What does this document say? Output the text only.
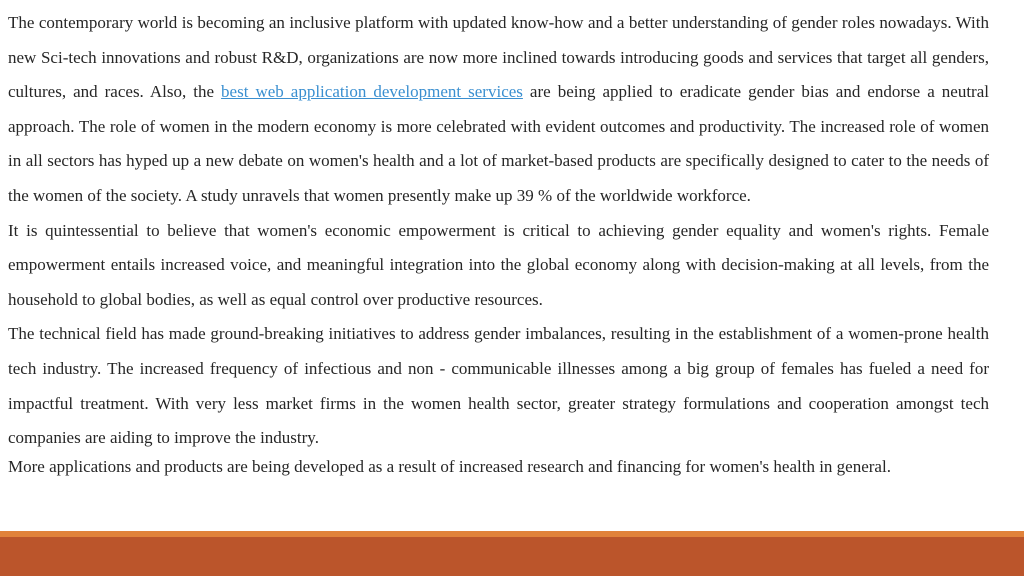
The contemporary world is becoming an inclusive platform with updated know-how and a better understanding of gender roles nowadays. With new Sci-tech innovations and robust R&D, organizations are now more inclined towards introducing goods and services that target all genders, cultures, and races. Also, the best web application development services are being applied to eradicate gender bias and endorse a neutral approach. The role of women in the modern economy is more celebrated with evident outcomes and productivity. The increased role of women in all sectors has hyped up a new debate on women's health and a lot of market-based products are specifically designed to cater to the needs of the women of the society. A study unravels that women presently make up 39 % of the worldwide workforce.

It is quintessential to believe that women's economic empowerment is critical to achieving gender equality and women's rights. Female empowerment entails increased voice, and meaningful integration into the global economy along with decision-making at all levels, from the household to global bodies, as well as equal control over productive resources.

The technical field has made ground-breaking initiatives to address gender imbalances, resulting in the establishment of a women-prone health tech industry. The increased frequency of infectious and non - communicable illnesses among a big group of females has fueled a need for impactful treatment. With very less market firms in the women health sector, greater strategy formulations and cooperation amongst tech companies are aiding to improve the industry.

More applications and products are being developed as a result of increased research and financing for women's health in general.
